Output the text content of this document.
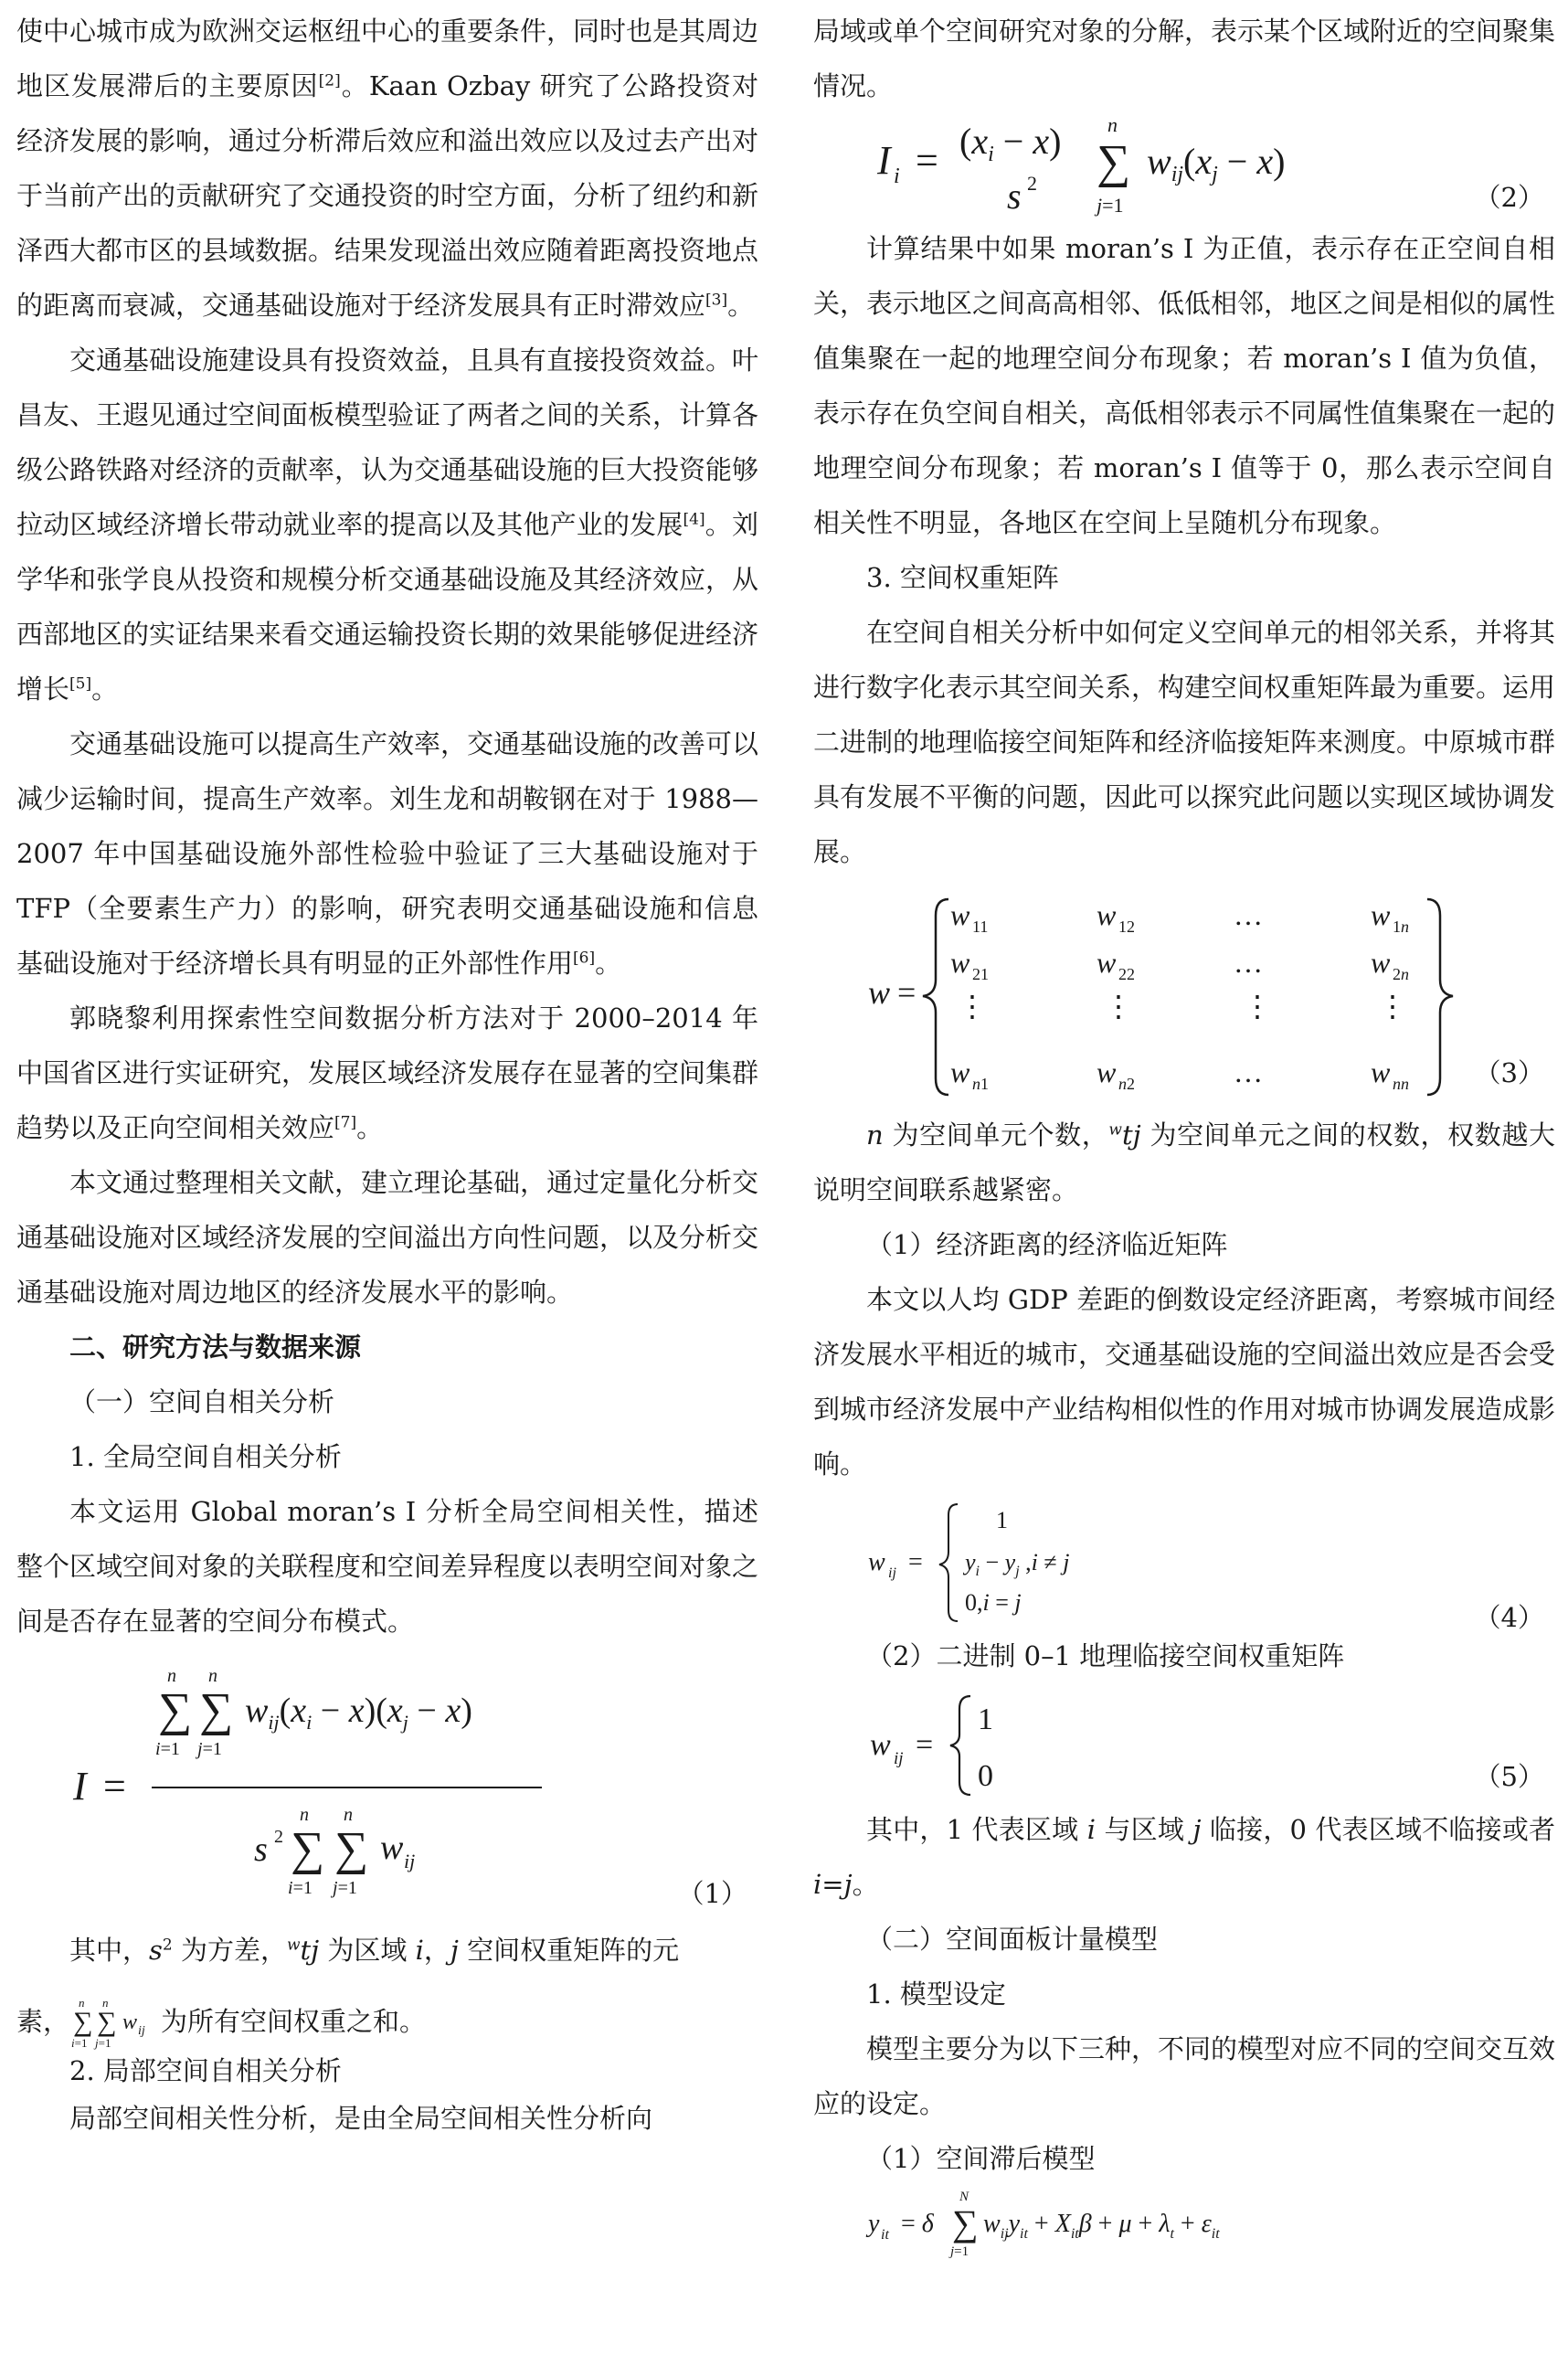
使中心城市成为欧洲交运枢纽中心的重要条件，同时也是其周边地区发展滞后的主要原因[2]。Kaan Ozbay 研究了公路投资对经济发展的影响，通过分析滞后效应和溢出效应以及过去产出对于当前产出的贡献研究了交通投资的时空方面，分析了纽约和新泽西大都市区的县域数据。结果发现溢出效应随着距离投资地点的距离而衰减，交通基础设施对于经济发展具有正时滞效应[3]。

交通基础设施建设具有投资效益，且具有直接投资效益。叶昌友、王遐见通过空间面板模型验证了两者之间的关系，计算各级公路铁路对经济的贡献率，认为交通基础设施的巨大投资能够拉动区域经济增长带动就业率的提高以及其他产业的发展[4]。刘学华和张学良从投资和规模分析交通基础设施及其经济效应，从西部地区的实证结果来看交通运输投资长期的效果能够促进经济增长[5]。

交通基础设施可以提高生产效率，交通基础设施的改善可以减少运输时间，提高生产效率。刘生龙和胡鞍钢在对于 1988—2007 年中国基础设施外部性检验中验证了三大基础设施对于 TFP（全要素生产力）的影响，研究表明交通基础设施和信息基础设施对于经济增长具有明显的正外部性作用[6]。

郭晓黎利用探索性空间数据分析方法对于 2000–2014 年中国省区进行实证研究，发展区域经济发展存在显著的空间集群趋势以及正向空间相关效应[7]。

本文通过整理相关文献，建立理论基础，通过定量化分析交通基础设施对区域经济发展的空间溢出方向性问题，以及分析交通基础设施对周边地区的经济发展水平的影响。

二、研究方法与数据来源

（一）空间自相关分析

1. 全局空间自相关分析

本文运用 Global moran’s I 分析全局空间相关性，描述整个区域空间对象的关联程度和空间差异程度以表明空间对象之间是否存在显著的空间分布模式。

I =
∑
n
i=1
∑
n
j=1
$w_{ij}(x_i - x)(x_j - x)$
s 2 ∑
n
i=1
∑
n
j=1
w ij
（1）

其中，$s^2$ 为方差，$^w$tj 为区域 i，j 空间权重矩阵的元

素， ∑
n
i=1
∑
n
j=1
w ij 为所有空间权重之和。

2. 局部空间自相关分析

局部空间相关性分析，是由全局空间相关性分析向

局域或单个空间研究对象的分解，表示某个区域附近的空间聚集情况。

I $i = (x_i - x)$
s 2 ∑
n
j=1
$w_{ij}(x_j - x)$
（2）

计算结果中如果 moran’s I 为正值，表示存在正空间自相关，表示地区之间高高相邻、低低相邻，地区之间是相似的属性值集聚在一起的地理空间分布现象；若 moran’s I 值为负值，表示存在负空间自相关，高低相邻表示不同属性值集聚在一起的地理空间分布现象；若 moran’s I 值等于 0，那么表示空间自相关性不明显，各地区在空间上呈随机分布现象。

3. 空间权重矩阵

在空间自相关分析中如何定义空间单元的相邻关系，并将其进行数字化表示其空间关系，构建空间权重矩阵最为重要。运用二进制的地理临接空间矩阵和经济临接矩阵来测度。中原城市群具有发展不平衡的问题，因此可以探究此问题以实现区域协调发展。

w =
w 11	w 12	…	w 1n
w 21	w 22	…	w 2n
⋮	⋮	⋮	⋮
w n1	w n2	…	w nn （3）

n 为空间单元个数，$^w$tj 为空间单元之间的权数，权数越大说明空间联系越紧密。

（1）经济距离的经济临近矩阵

本文以人均 GDP 差距的倒数设定经济距离，考察城市间经济发展水平相近的城市，交通基础设施的空间溢出效应是否会受到城市经济发展中产业结构相似性的作用对城市协调发展造成影响。

w ij =
1
$y_i - y_j$ ,i ≠ j
0,i = j	（4）

（2）二进制 0–1 地理临接空间权重矩阵

w ij =
1
0	（5）

其中，1 代表区域 i 与区域 j 临接，0 代表区域不临接或者 i=j。

（二）空间面板计量模型

1. 模型设定

模型主要分为以下三种，不同的模型对应不同的空间交互效应的设定。

（1）空间滞后模型

y it = δ ∑
N
j=1
$w_{ij}y_{it} + X_{it}\beta + \mu + \lambda_t + \varepsilon_{it}$
